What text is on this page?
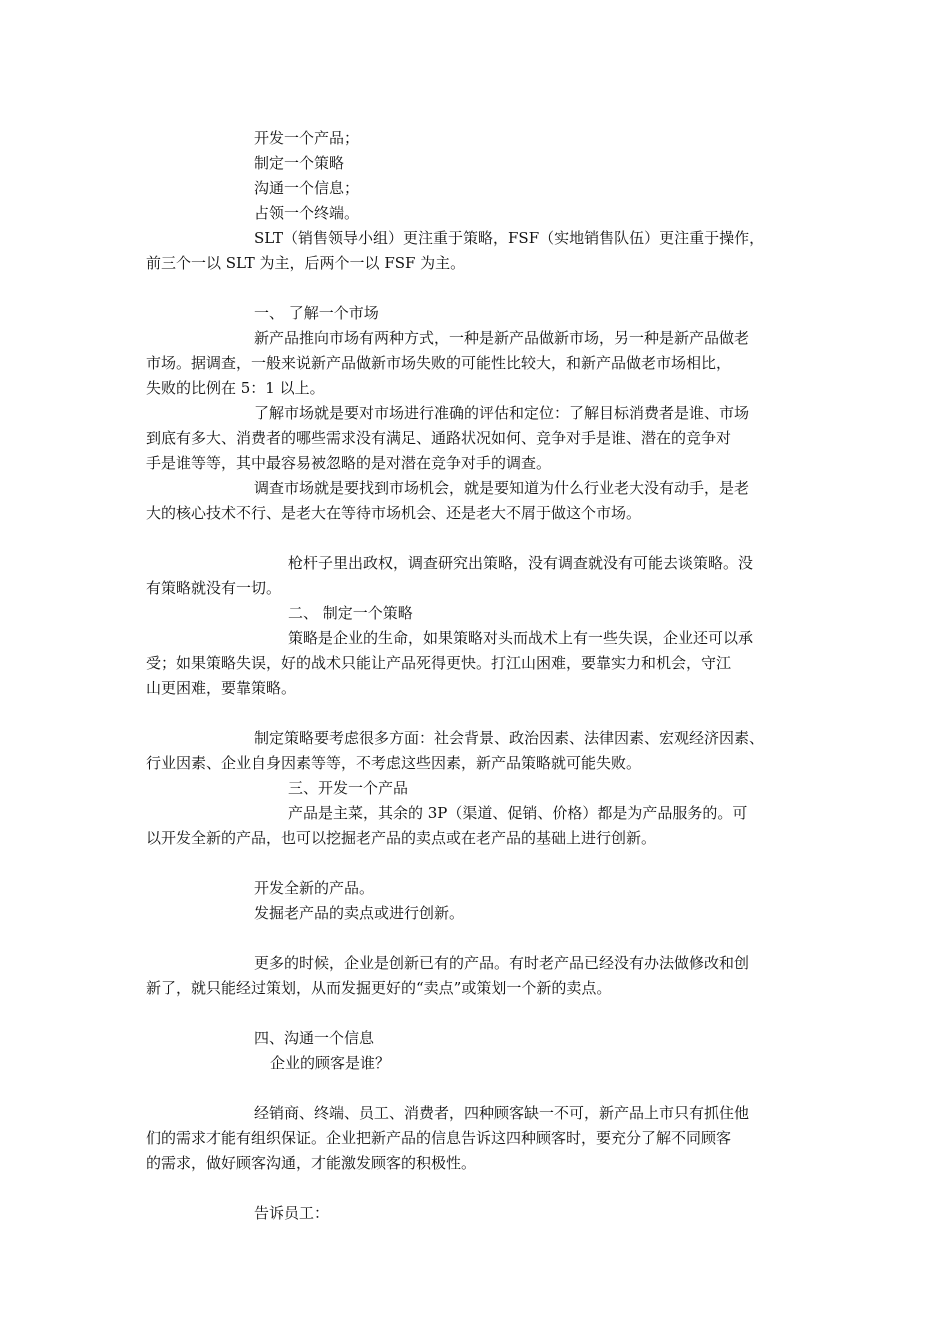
开发一个产品；
制定一个策略
沟通一个信息；
占领一个终端。
SLT（销售领导小组）更注重于策略，FSF（实地销售队伍）更注重于操作，
前三个一以 SLT 为主，后两个一以 FSF 为主。
一、 了解一个市场
新产品推向市场有两种方式，一种是新产品做新市场，另一种是新产品做老
市场。据调查，一般来说新产品做新市场失败的可能性比较大，和新产品做老市场相比，
失败的比例在 5：1 以上。
了解市场就是要对市场进行准确的评估和定位：了解目标消费者是谁、市场
到底有多大、消费者的哪些需求没有满足、通路状况如何、竞争对手是谁、潜在的竞争对
手是谁等等，其中最容易被忽略的是对潜在竞争对手的调查。
调查市场就是要找到市场机会，就是要知道为什么行业老大没有动手，是老
大的核心技术不行、是老大在等待市场机会、还是老大不屑于做这个市场。
枪杆子里出政权，调查研究出策略，没有调查就没有可能去谈策略。没
有策略就没有一切。
二、 制定一个策略
策略是企业的生命，如果策略对头而战术上有一些失误，企业还可以承
受；如果策略失误，好的战术只能让产品死得更快。打江山困难，要靠实力和机会，守江
山更困难，要靠策略。
制定策略要考虑很多方面：社会背景、政治因素、法律因素、宏观经济因素、
行业因素、企业自身因素等等，不考虑这些因素，新产品策略就可能失败。
三、开发一个产品
产品是主菜，其余的 3P（渠道、促销、价格）都是为产品服务的。可
以开发全新的产品，也可以挖掘老产品的卖点或在老产品的基础上进行创新。
开发全新的产品。
发掘老产品的卖点或进行创新。
更多的时候，企业是创新已有的产品。有时老产品已经没有办法做修改和创
新了，就只能经过策划，从而发掘更好的“卖点”或策划一个新的卖点。
四、沟通一个信息
企业的顾客是谁？
经销商、终端、员工、消费者，四种顾客缺一不可，新产品上市只有抓住他
们的需求才能有组织保证。企业把新产品的信息告诉这四种顾客时，要充分了解不同顾客
的需求，做好顾客沟通，才能激发顾客的积极性。
告诉员工：
